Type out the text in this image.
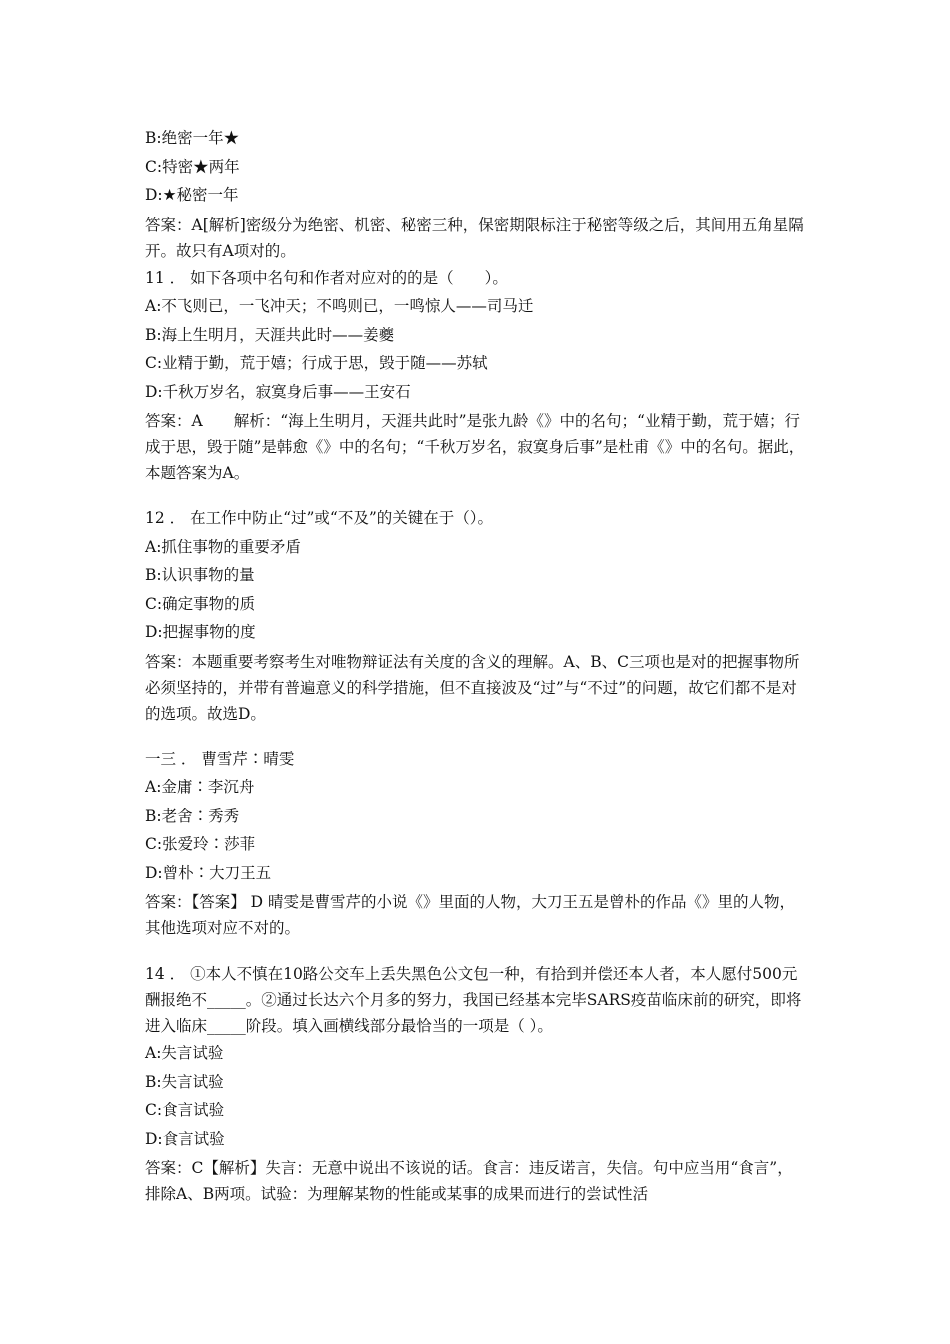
B:绝密一年★
C:特密★两年
D:★秘密一年
答案：A[解析]密级分为绝密、机密、秘密三种，保密期限标注于秘密等级之后，其间用五角星隔开。故只有A项对的。
11 ． 如下各项中名句和作者对应对的的是（　　）。
A:不飞则已，一飞冲天；不鸣则已，一鸣惊人——司马迁
B:海上生明月，天涯共此时——姜夔
C:业精于勤，荒于嬉；行成于思，毁于随——苏轼
D:千秋万岁名，寂寞身后事——王安石
答案：A　　解析：“海上生明月，天涯共此时”是张九龄《》中的名句；“业精于勤，荒于嬉；行成于思，毁于随”是韩愈《》中的名句；“千秋万岁名，寂寞身后事”是杜甫《》中的名句。据此，本题答案为A。
12 ． 在工作中防止“过”或“不及”的关键在于（）。
A:抓住事物的重要矛盾
B:认识事物的量
C:确定事物的质
D:把握事物的度
答案：本题重要考察考生对唯物辩证法有关度的含义的理解。A、B、C三项也是对的把握事物所必须坚持的，并带有普遍意义的科学措施，但不直接波及“过”与“不过”的问题，故它们都不是对的选项。故选D。
一三 ． 曹雪芹∶晴雯
A:金庸∶李沉舟
B:老舍∶秀秀
C:张爱玲∶莎菲
D:曾朴∶大刀王五
答案：【答案】 D 晴雯是曹雪芹的小说《》里面的人物，大刀王五是曾朴的作品《》里的人物，其他选项对应不对的。
14 ． ①本人不慎在10路公交车上丢失黑色公文包一种，有拾到并偿还本人者，本人愿付500元酬报绝不_____。②通过长达六个月多的努力，我国已经基本完毕SARS疫苗临床前的研究，即将进入临床_____阶段。填入画横线部分最恰当的一项是（ ）。
A:失言试验
B:失言试验
C:食言试验
D:食言试验
答案：C【解析】失言：无意中说出不该说的话。食言：违反诺言，失信。句中应当用“食言”，排除A、B两项。试验：为理解某物的性能或某事的成果而进行的尝试性活
